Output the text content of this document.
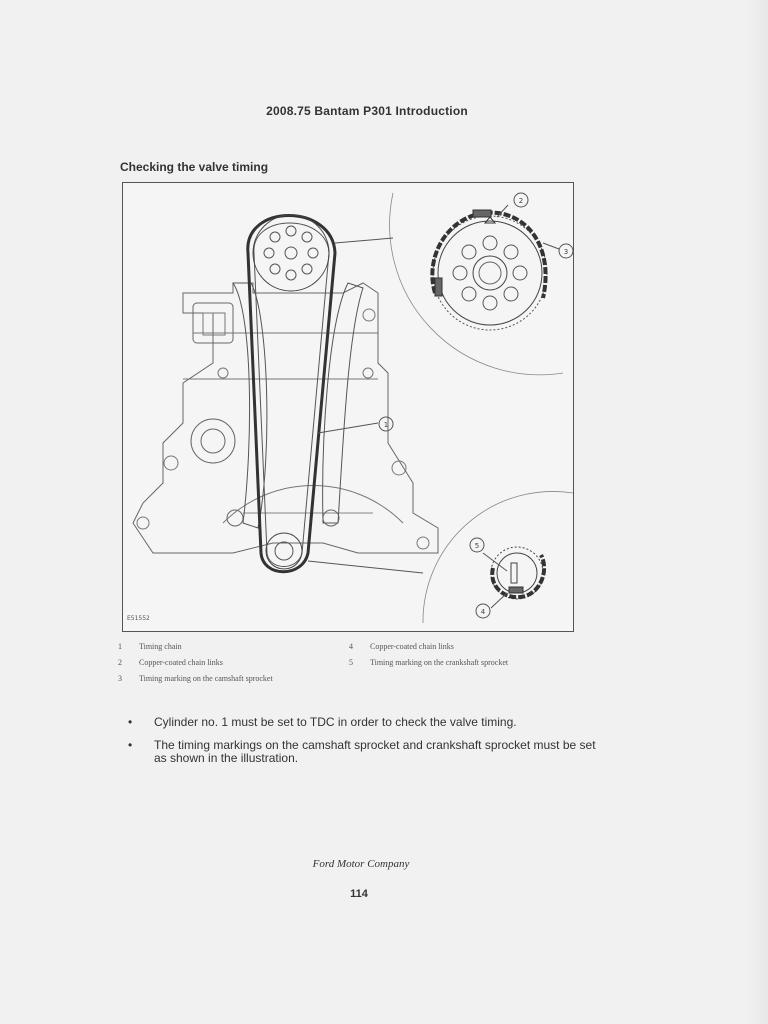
2008.75 Bantam P301 Introduction
Checking the valve timing
1
2
3
4
5
E51552
1	Timing chain
2	Copper-coated chain links
3	Timing marking on the camshaft sprocket
4	Copper-coated chain links
5	Timing marking on the crankshaft sprocket
•	Cylinder no. 1 must be set to TDC in order to check the valve timing.
•	The timing markings on the camshaft sprocket and crankshaft sprocket must be set as shown in the illustration.
Ford Motor Company
114
